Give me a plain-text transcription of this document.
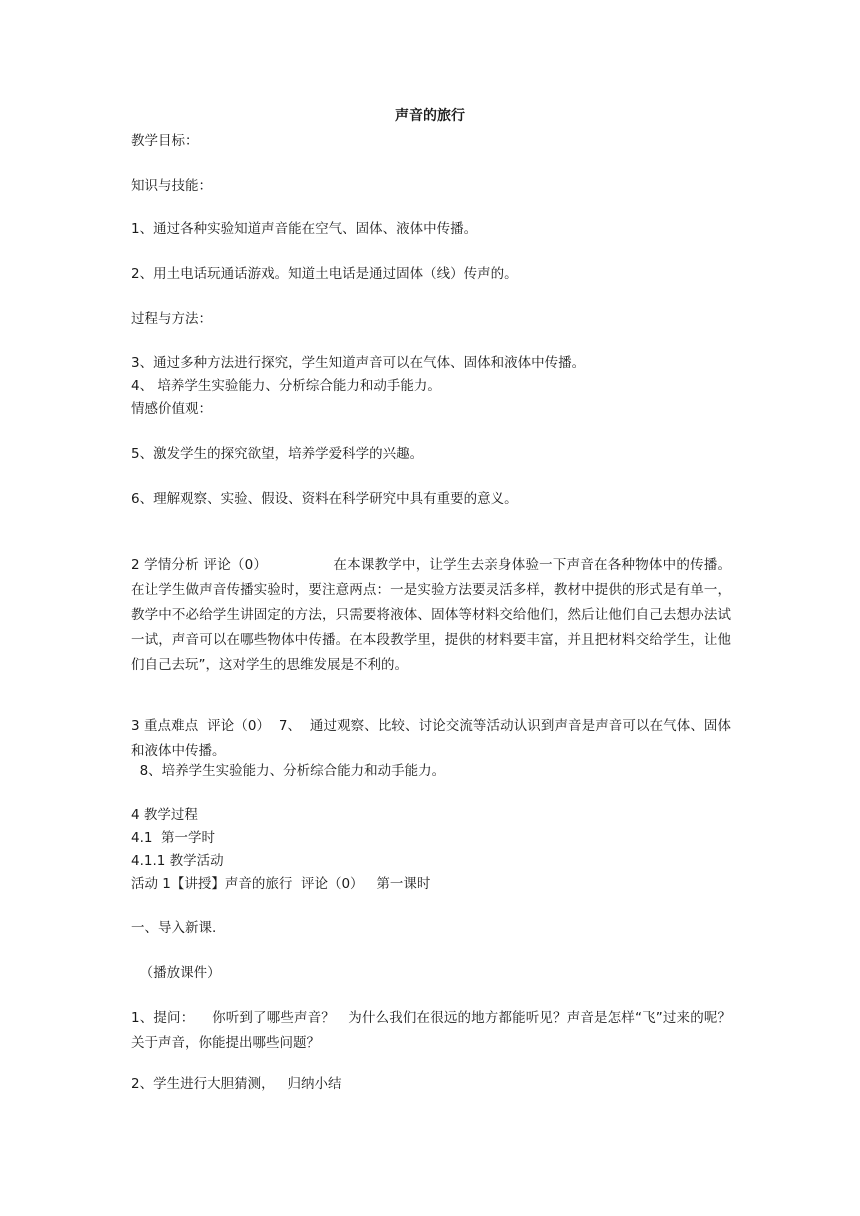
声音的旅行
教学目标：
知识与技能：
1、通过各种实验知道声音能在空气、固体、液体中传播。
2、用土电话玩通话游戏。知道土电话是通过固体（线）传声的。
过程与方法：
3、通过多种方法进行探究，学生知道声音可以在气体、固体和液体中传播。
4、 培养学生实验能力、分析综合能力和动手能力。
情感价值观：
5、激发学生的探究欲望，培养学爱科学的兴趣。
6、理解观察、实验、假设、资料在科学研究中具有重要的意义。
2 学情分析 评论（0）	在本课教学中，让学生去亲身体验一下声音在各种物体中的传播。在让学生做声音传播实验时，要注意两点：一是实验方法要灵活多样，教材中提供的形式是有单一，教学中不必给学生讲固定的方法，只需要将液体、固体等材料交给他们，然后让他们自己去想办法试一试，声音可以在哪些物体中传播。在本段教学里，提供的材料要丰富，并且把材料交给学生，让他们自己去玩”，这对学生的思维发展是不利的。
3 重点难点  评论（0）  7、  通过观察、比较、讨论交流等活动认识到声音是声音可以在气体、固体和液体中传播。
8、培养学生实验能力、分析综合能力和动手能力。
4 教学过程
4.1  第一学时
4.1.1 教学活动
活动 1【讲授】声音的旅行  评论（0）   第一课时
一、导入新课.
（播放课件）
1、提问：    你听到了哪些声音？   为什么我们在很远的地方都能听见？声音是怎样“飞”过来的呢？关于声音，你能提出哪些问题？
2、学生进行大胆猜测，   归纳小结
